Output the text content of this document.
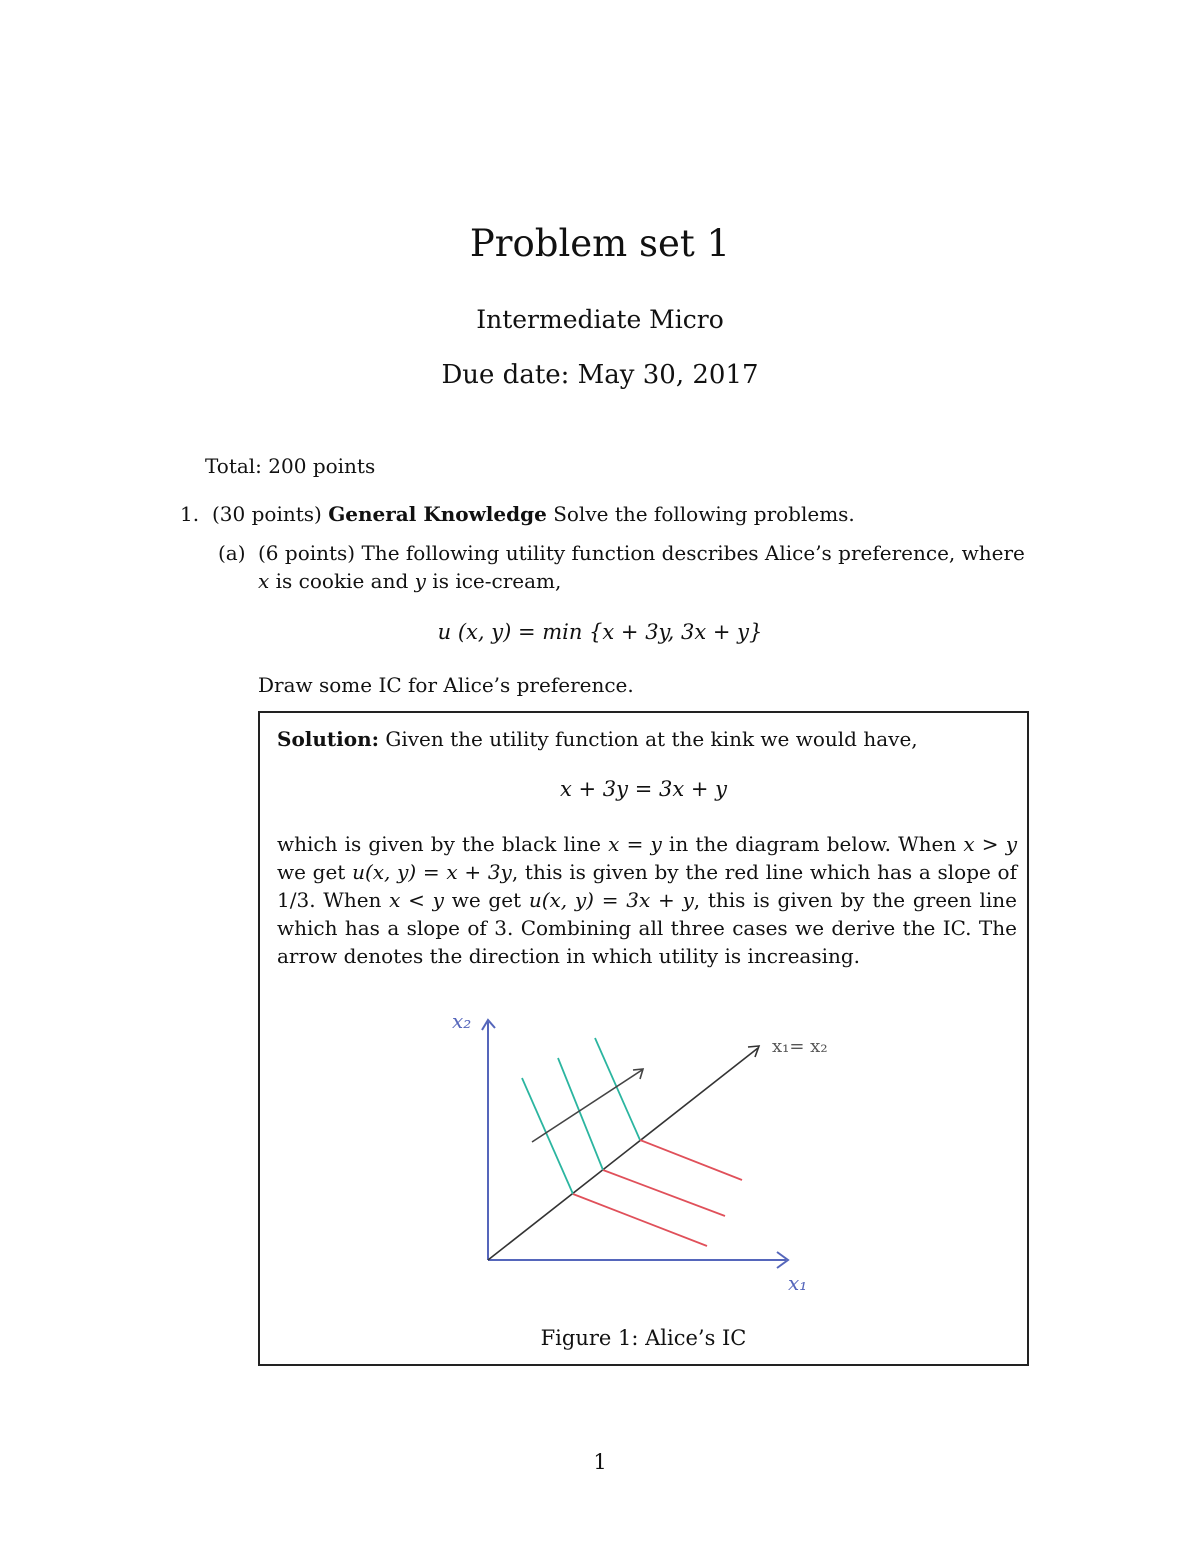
Problem set 1
Intermediate Micro
Due date: May 30, 2017
Total: 200 points
1. (30 points) General Knowledge Solve the following problems.
(a) (6 points) The following utility function describes Alice’s preference, where x is cookie and y is ice-cream,
u (x, y) = min {x + 3y, 3x + y}
Draw some IC for Alice’s preference.
Solution: Given the utility function at the kink we would have,
x + 3y = 3x + y
which is given by the black line x = y in the diagram below. When x > y we get u(x, y) = x + 3y, this is given by the red line which has a slope of 1/3. When x < y we get u(x, y) = 3x + y, this is given by the green line which has a slope of 3. Combining all three cases we derive the IC. The arrow denotes the direction in which utility is increasing.
x₂
x₁
x₁= x₂
Figure 1: Alice’s IC
1
